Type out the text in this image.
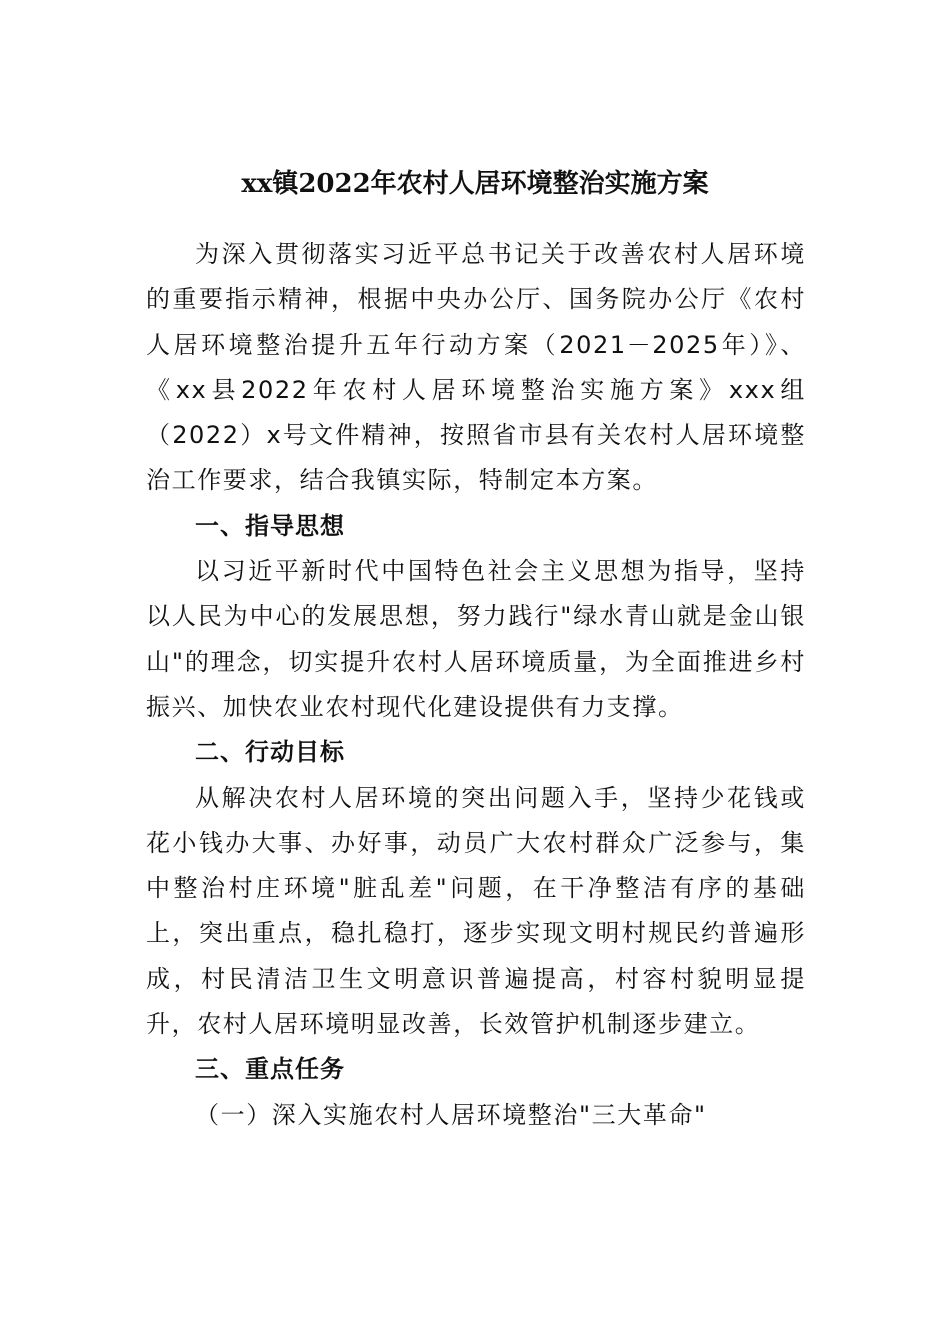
xx镇2022年农村人居环境整治实施方案

为深入贯彻落实习近平总书记关于改善农村人居环境的重要指示精神，根据中央办公厅、国务院办公厅《农村人居环境整治提升五年行动方案（2021－2025年）》、《xx县2022年农村人居环境整治实施方案》xxx组（2022）x号文件精神，按照省市县有关农村人居环境整治工作要求，结合我镇实际，特制定本方案。

一、指导思想

以习近平新时代中国特色社会主义思想为指导，坚持以人民为中心的发展思想，努力践行"绿水青山就是金山银山"的理念，切实提升农村人居环境质量，为全面推进乡村振兴、加快农业农村现代化建设提供有力支撑。

二、行动目标

从解决农村人居环境的突出问题入手，坚持少花钱或花小钱办大事、办好事，动员广大农村群众广泛参与，集中整治村庄环境"脏乱差"问题，在干净整洁有序的基础上，突出重点，稳扎稳打，逐步实现文明村规民约普遍形成，村民清洁卫生文明意识普遍提高，村容村貌明显提升，农村人居环境明显改善，长效管护机制逐步建立。

三、重点任务

（一）深入实施农村人居环境整治"三大革命"
